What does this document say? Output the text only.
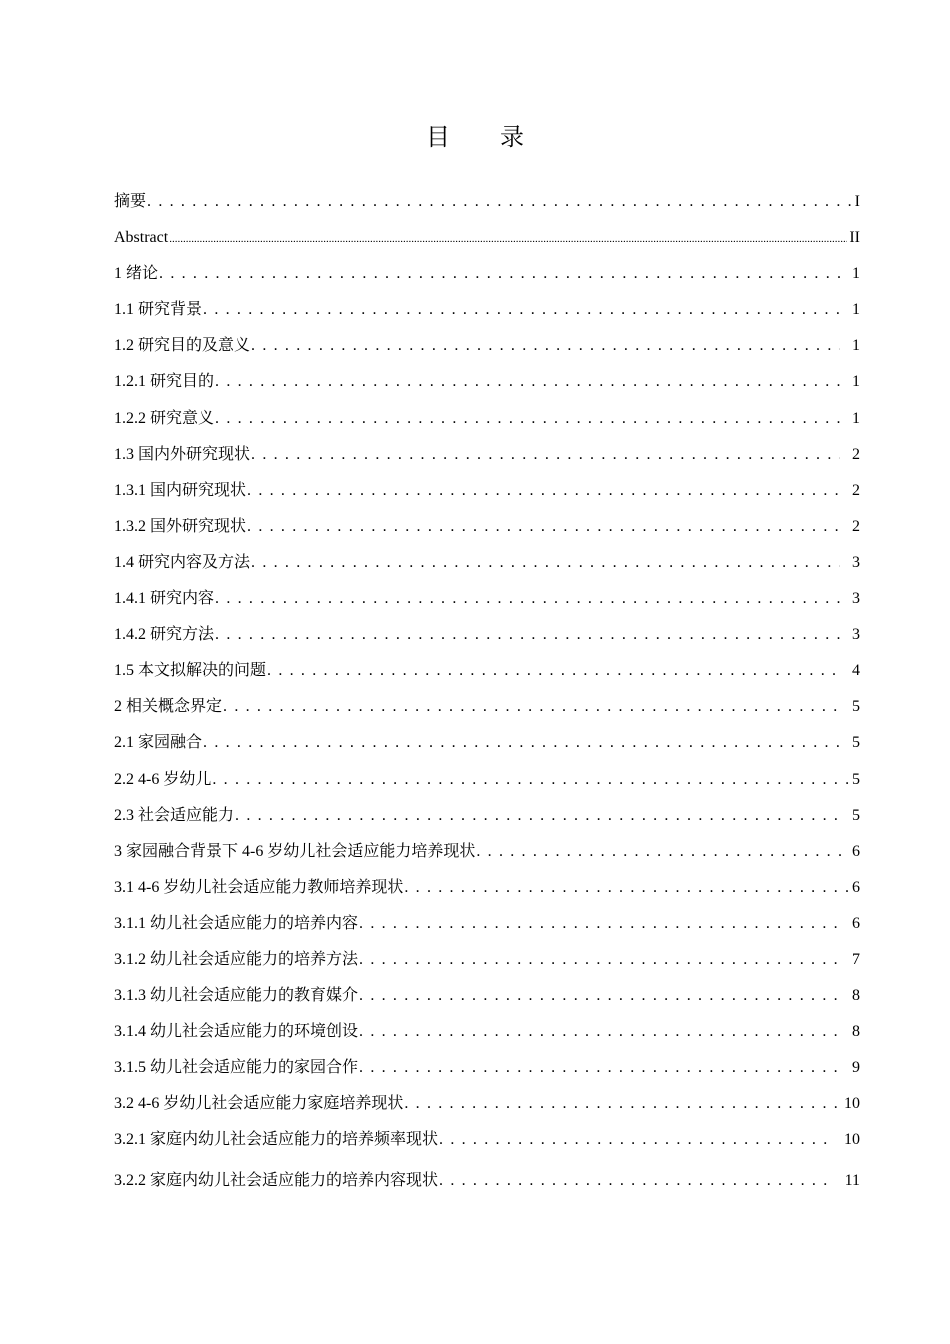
目 录
摘要 . . .	I
Abstract .....	II
1 绪论 . . .	1
1.1 研究背景 . . .	1
1.2 研究目的及意义 . . .	1
1.2.1 研究目的 . . .	1
1.2.2 研究意义 . . .	1
1.3 国内外研究现状 . . .	2
1.3.1 国内研究现状 . . .	2
1.3.2 国外研究现状 . . .	2
1.4 研究内容及方法 . . .	3
1.4.1 研究内容 . . .	3
1.4.2 研究方法 . . .	3
1.5 本文拟解决的问题 . . .	4
2 相关概念界定 . . .	5
2.1 家园融合 . . .	5
2.2 4-6 岁幼儿 . . .	5
2.3 社会适应能力 . . .	5
3 家园融合背景下 4-6 岁幼儿社会适应能力培养现状 . . .	6
3.1 4-6 岁幼儿社会适应能力教师培养现状 . . .	6
3.1.1 幼儿社会适应能力的培养内容 . . .	6
3.1.2 幼儿社会适应能力的培养方法 . . .	7
3.1.3 幼儿社会适应能力的教育媒介 . . .	8
3.1.4 幼儿社会适应能力的环境创设 . . .	8
3.1.5 幼儿社会适应能力的家园合作 . . .	9
3.2 4-6 岁幼儿社会适应能力家庭培养现状 . . .	10
3.2.1 家庭内幼儿社会适应能力的培养频率现状 . . .	10
3.2.2 家庭内幼儿社会适应能力的培养内容现状 . . .	11
